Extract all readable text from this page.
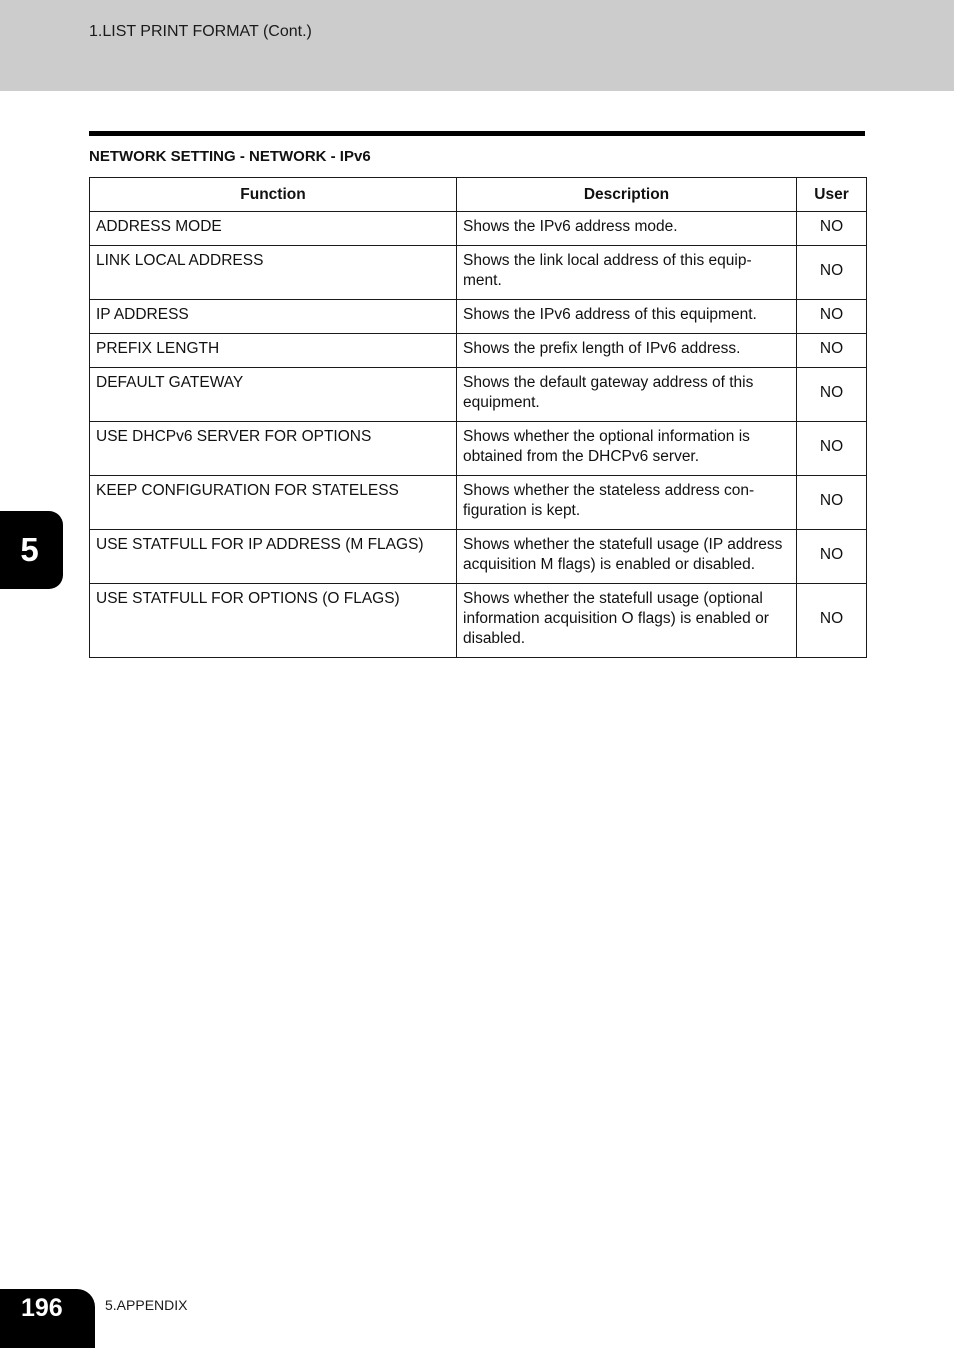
1.LIST PRINT FORMAT (Cont.)
NETWORK SETTING - NETWORK - IPv6
Function	Description	User
ADDRESS MODE	Shows the IPv6 address mode.	NO
LINK LOCAL ADDRESS	Shows the link local address of this equip-ment.	NO
IP ADDRESS	Shows the IPv6 address of this equipment.	NO
PREFIX LENGTH	Shows the prefix length of IPv6 address.	NO
DEFAULT GATEWAY	Shows the default gateway address of this equipment.	NO
USE DHCPv6 SERVER FOR OPTIONS	Shows whether the optional information is obtained from the DHCPv6 server.	NO
KEEP CONFIGURATION FOR STATELESS	Shows whether the stateless address con-figuration is kept.	NO
USE STATFULL FOR IP ADDRESS (M FLAGS)	Shows whether the statefull usage (IP address acquisition M flags) is enabled or disabled.	NO
USE STATFULL FOR OPTIONS (O FLAGS)	Shows whether the statefull usage (optional information acquisition O flags) is enabled or disabled.	NO
5
196	5.APPENDIX
